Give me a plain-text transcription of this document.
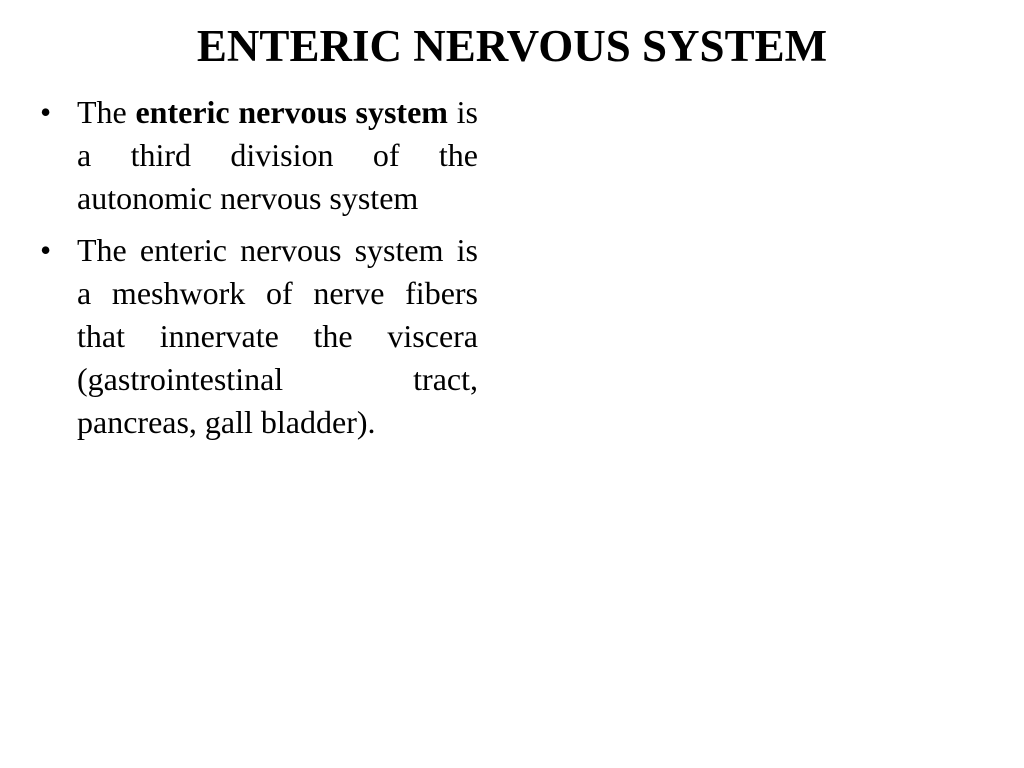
ENTERIC NERVOUS SYSTEM
• The enteric nervous system is a third division of the autonomic nervous system
• The enteric nervous system is a meshwork of nerve fibers that innervate the viscera (gastrointestinal tract, pancreas, gall bladder).
